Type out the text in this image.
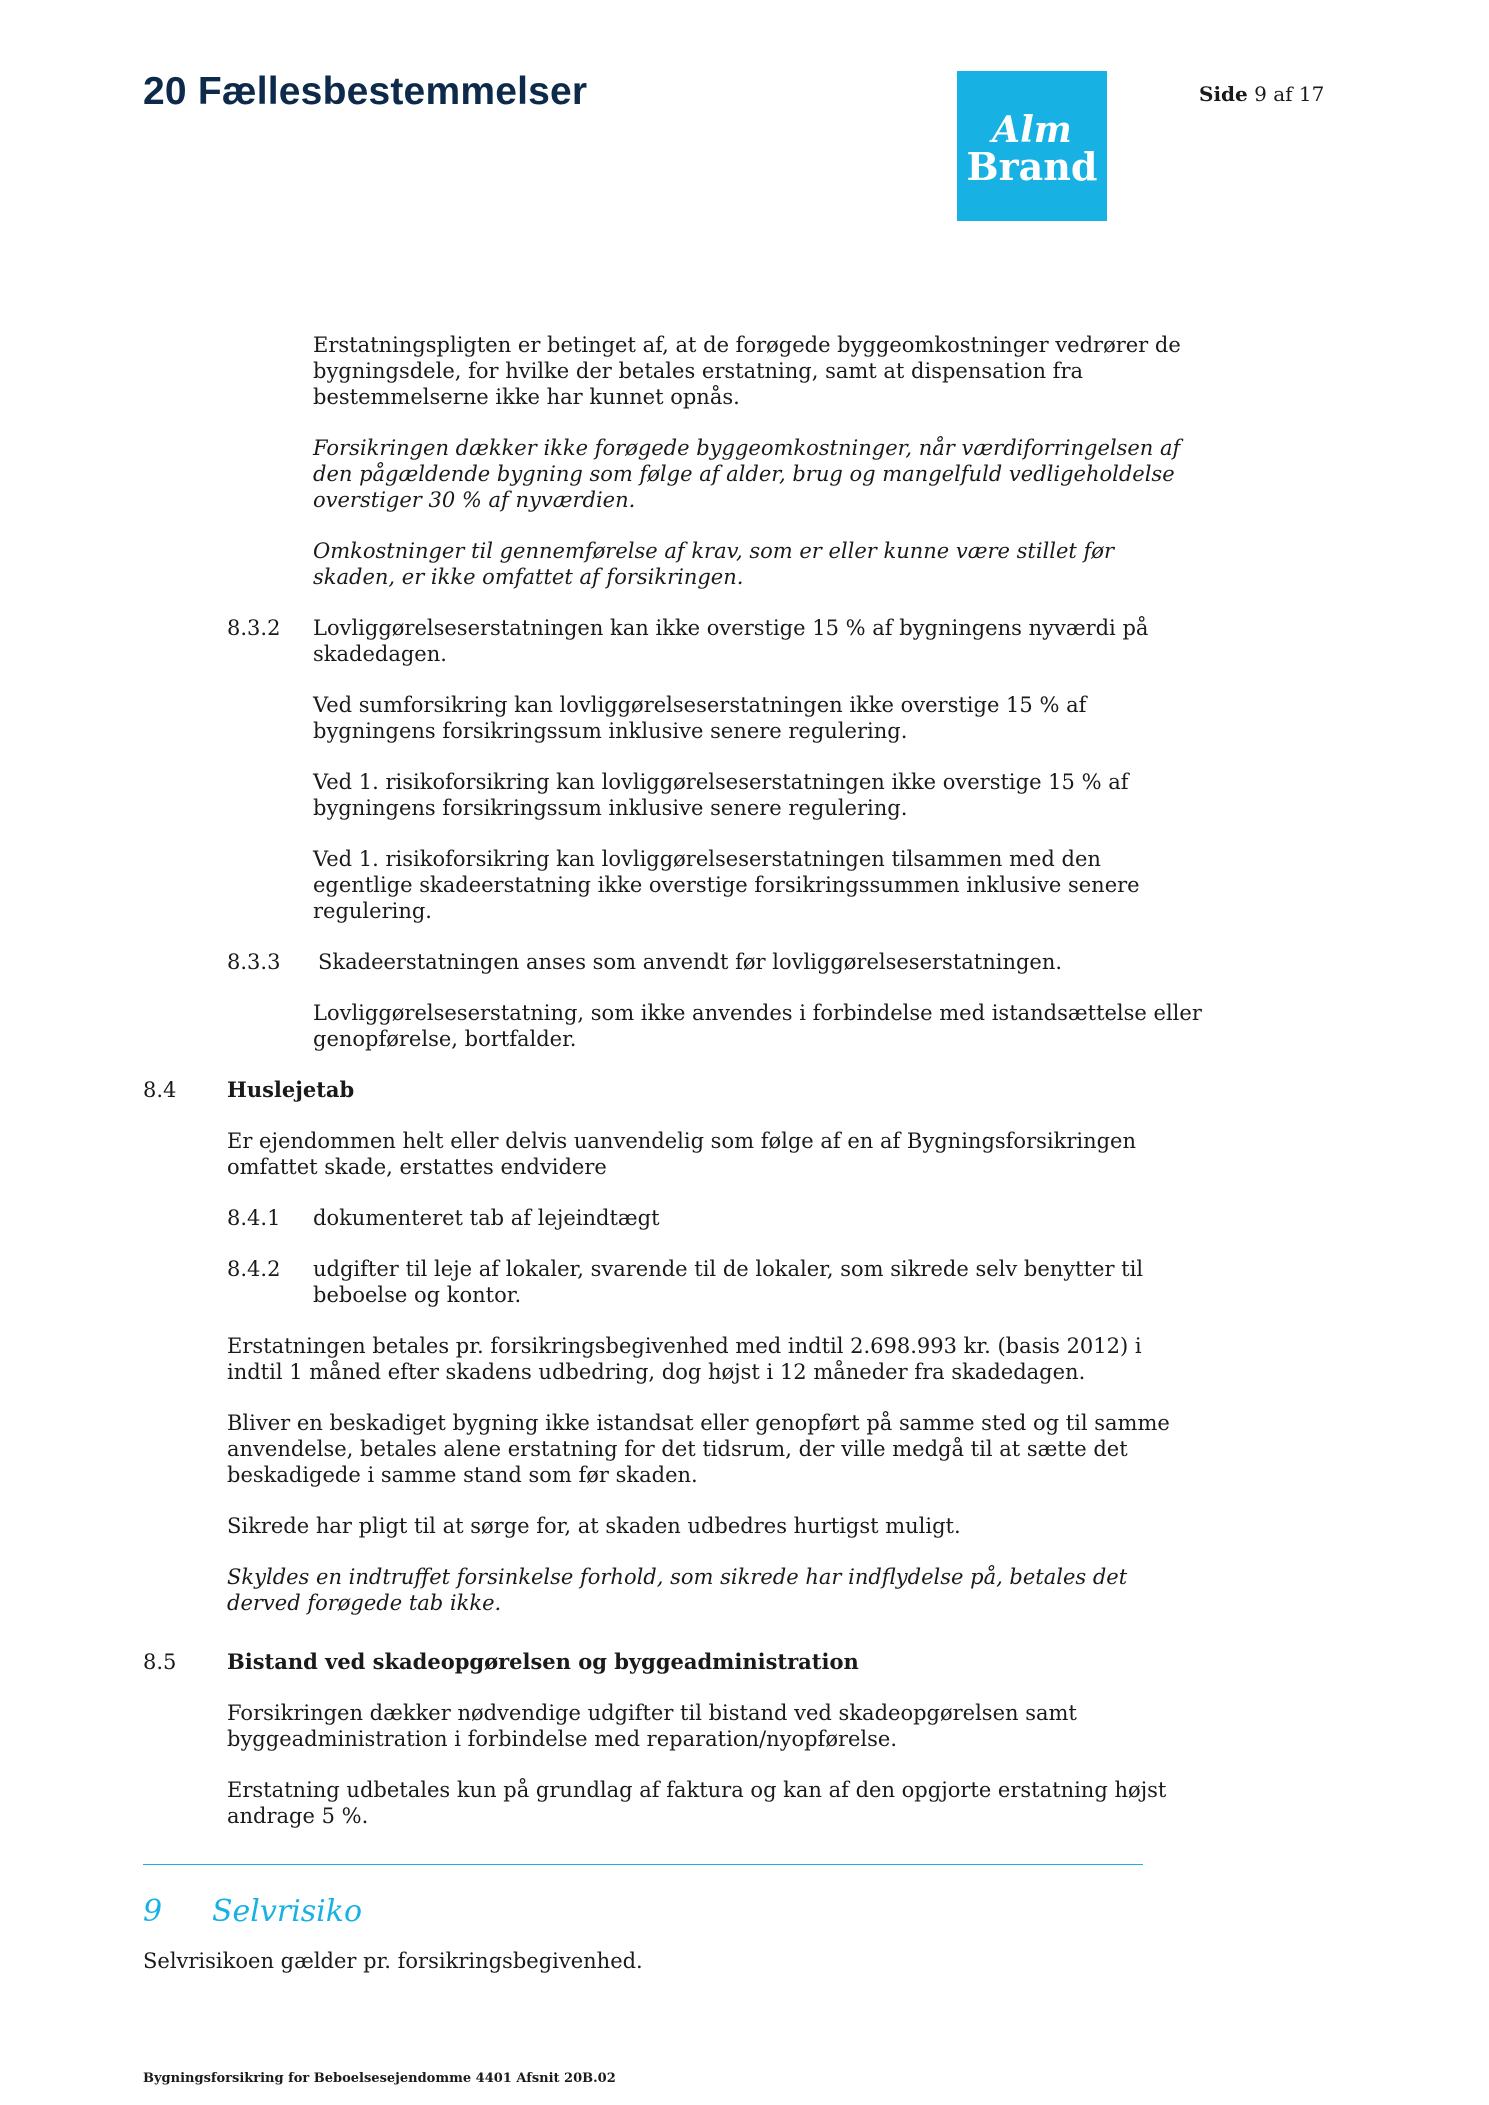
20 Fællesbestemmelser
Alm
Brand
Side 9 af 17
Erstatningspligten er betinget af, at de forøgede byggeomkostninger vedrører de
bygningsdele, for hvilke der betales erstatning, samt at dispensation fra
bestemmelserne ikke har kunnet opnås.
Forsikringen dækker ikke forøgede byggeomkostninger, når værdiforringelsen af
den pågældende bygning som følge af alder, brug og mangelfuld vedligeholdelse
overstiger 30 % af nyværdien.
Omkostninger til gennemførelse af krav, som er eller kunne være stillet før
skaden, er ikke omfattet af forsikringen.
8.3.2 Lovliggørelseserstatningen kan ikke overstige 15 % af bygningens nyværdi på
skadedagen.
Ved sumforsikring kan lovliggørelseserstatningen ikke overstige 15 % af
bygningens forsikringssum inklusive senere regulering.
Ved 1. risikoforsikring kan lovliggørelseserstatningen ikke overstige 15 % af
bygningens forsikringssum inklusive senere regulering.
Ved 1. risikoforsikring kan lovliggørelseserstatningen tilsammen med den
egentlige skadeerstatning ikke overstige forsikringssummen inklusive senere
regulering.
8.3.3 Skadeerstatningen anses som anvendt før lovliggørelseserstatningen.
Lovliggørelseserstatning, som ikke anvendes i forbindelse med istandsættelse eller
genopførelse, bortfalder.
8.4 Huslejetab
Er ejendommen helt eller delvis uanvendelig som følge af en af Bygningsforsikringen
omfattet skade, erstattes endvidere
8.4.1 dokumenteret tab af lejeindtægt
8.4.2 udgifter til leje af lokaler, svarende til de lokaler, som sikrede selv benytter til
beboelse og kontor.
Erstatningen betales pr. forsikringsbegivenhed med indtil 2.698.993 kr. (basis 2012) i
indtil 1 måned efter skadens udbedring, dog højst i 12 måneder fra skadedagen.
Bliver en beskadiget bygning ikke istandsat eller genopført på samme sted og til samme
anvendelse, betales alene erstatning for det tidsrum, der ville medgå til at sætte det
beskadigede i samme stand som før skaden.
Sikrede har pligt til at sørge for, at skaden udbedres hurtigst muligt.
Skyldes en indtruffet forsinkelse forhold, som sikrede har indflydelse på, betales det
derved forøgede tab ikke.
8.5 Bistand ved skadeopgørelsen og byggeadministration
Forsikringen dækker nødvendige udgifter til bistand ved skadeopgørelsen samt
byggeadministration i forbindelse med reparation/nyopførelse.
Erstatning udbetales kun på grundlag af faktura og kan af den opgjorte erstatning højst
andrage 5 %.
9 Selvrisiko
Selvrisikoen gælder pr. forsikringsbegivenhed.
Bygningsforsikring for Beboelsesejendomme 4401 Afsnit 20B.02
